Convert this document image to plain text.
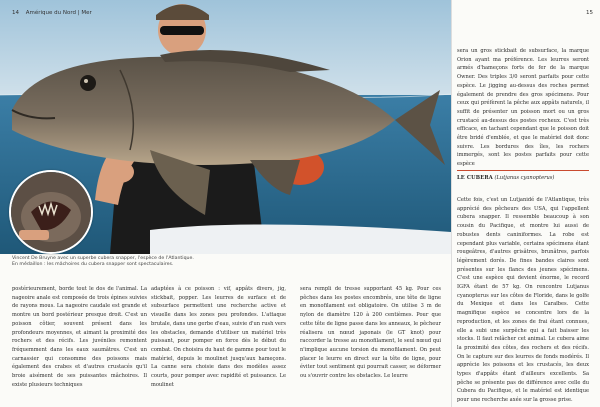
14 Amérique du Nord | Mer
Vincent De Bruyne avec un superbe cubera snapper, l'espèce de l'Atlantique.
En médaillon : les mâchoires du cubera snapper sont spectaculaires.
postérieurement, borde tout le dos de l'animal. La nageoire anale est composée de trois épines suivies de rayons mous. La nageoire caudale est grande et montre un bord postérieur presque droit. C'est un poisson côtier, souvent présent dans les profondeurs moyennes, et aimant la proximité des rochers et des récifs. Les juvéniles remontent fréquemment dans les eaux saumâtres. C'est un carnassier qui consomme des poissons mais également des crabes et d'autres crustacés qu'il broie aisément de ses puissantes mâchoires. Il existe plusieurs techniques
adaptées à ce poisson : vif, appâts divers, jig, stickbait, popper. Les leurres de surface et de subsurface permettent une recherche active et visuelle dans les zones peu profondes. L'attaque brutale, dans une gerbe d'eau, suivie d'un rush vers les obstacles, demande d'utiliser un matériel très puissant, pour pomper en force dès le début du combat. On choisira du haut de gamme pour tout le matériel, depuis le moulinet jusqu'aux hameçons. La canne sera choisie dans des modèles assez courts, pour pomper avec rapidité et puissance. Le moulinet
sera rempli de tresse supportant 45 kg. Pour ces pêches dans les postes encombrés, une tête de ligne en monofilament est obligatoire. On utilise 3 m de nylon de diamètre 120 à 200 centièmes. Pour que cette tête de ligne passe dans les anneaux, le pêcheur réalisera un nœud japonais (le GT knot) pour raccorder la tresse au monofilament, le seul nœud qui n'implique aucune torsion du monofilament. On peut placer le leurre en direct sur la tête de ligne, pour éviter tout sentiment qui pourrait casser, se déformer ou s'ouvrir contre les obstacles. Le leurre
15
sera un gros stickbait de subsurface, la marque Orion ayant ma préférence. Les leurres seront armés d'hameçons forts de fer de la marque Owner. Des triples 3/0 seront parfaits pour cette espèce. Le jigging au-dessus des roches permet également de prendre des gros spécimens. Pour ceux qui préfèrent la pêche aux appâts naturels, il suffit de présenter un poisson mort ou un gros crustacé au-dessus des postes rocheux. C'est très efficace, en tachant cependant que le poisson doit être bridé d'emblée, et que le matériel doit donc suivre. Les bordures des îles, les rochers immergés, sont les postes parfaits pour cette espèce
LE CUBERA (Lutjanus cyanopterus)
Cette fois, c'est un Lutjanidé de l'Atlantique, très apprécié des pêcheurs des USA, qui l'appellent cubera snapper. Il ressemble beaucoup à son cousin du Pacifique, et montre lui aussi de robustes dents caniniformes. La robe est cependant plus variable, certains spécimens étant rougeâtres, d'autres grisâtres, brunâtres, parfois légèrement dorés. De fines bandes claires sont présentes sur les flancs des jeunes spécimens. C'est une espèce qui devient énorme, le record IGFA étant de 57 kg. On rencontre Lutjanus cyanopterus sur les côtes de Floride, dans le golfe du Mexique et dans les Caraïbes. Cette magnifique espèce se concentre lors de la reproduction, et les zones de frai étant connues, elle a subi une surpêche qui a fait baisser les stocks. Il faut relâcher cet animal. Le cubera aime la proximité des côtes, des rochers et des récifs. On le capture sur des leurres de fonds modérés. Il apprécie les poissons et les crustacés, les deux types d'appâts étant d'ailleurs excellents. Sa pêche se présente pas de différence avec celle du Cubera du Pacifique, et le matériel est identique pour une recherche axée sur la grosse prise.
